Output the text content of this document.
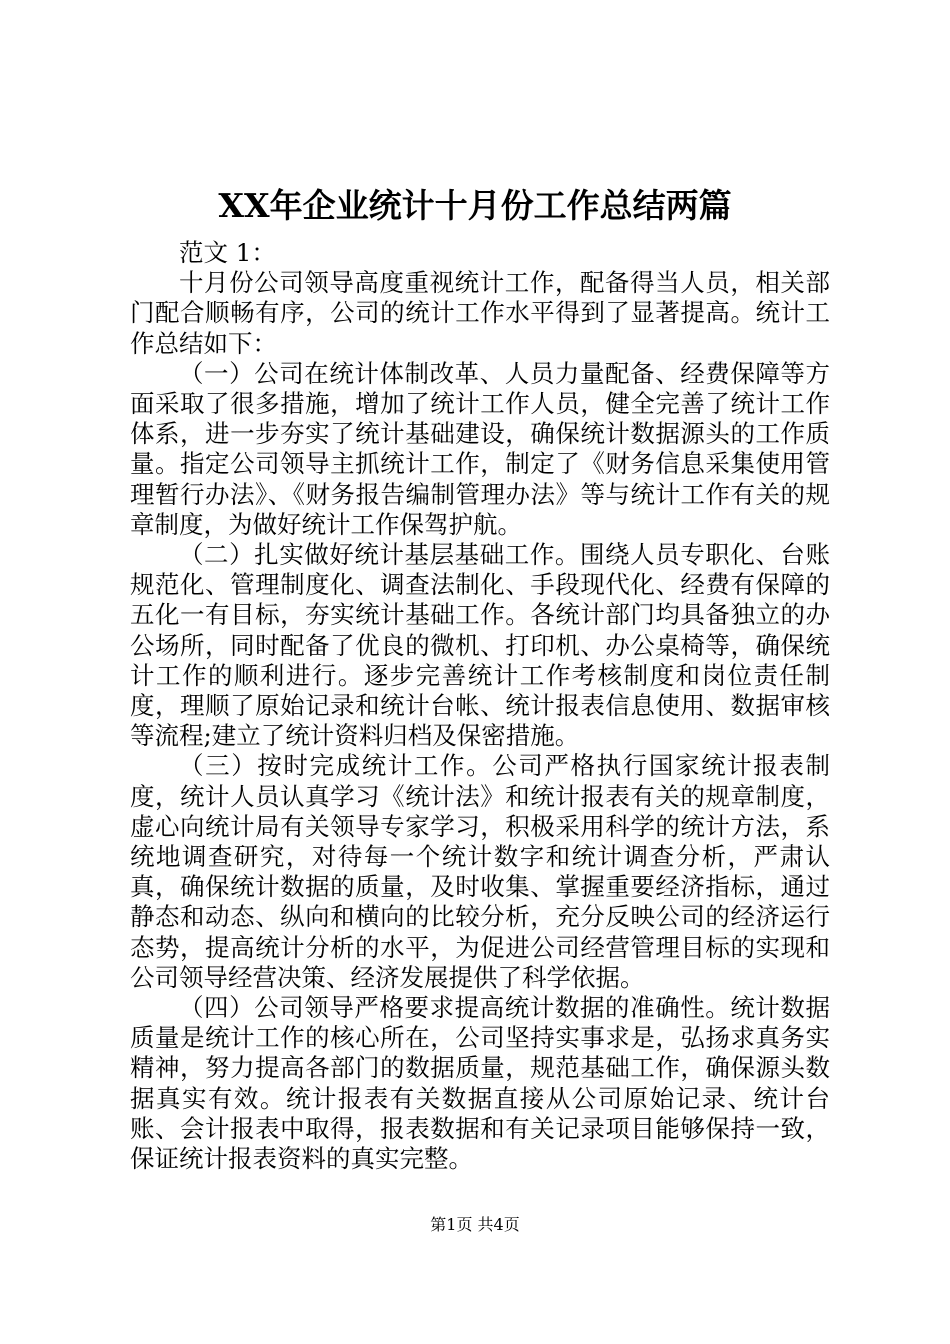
XX年企业统计十月份工作总结两篇

范文 1：

十月份公司领导高度重视统计工作，配备得当人员，相关部门配合顺畅有序，公司的统计工作水平得到了显著提高。统计工作总结如下：

（一）公司在统计体制改革、人员力量配备、经费保障等方面采取了很多措施，增加了统计工作人员，健全完善了统计工作体系，进一步夯实了统计基础建设，确保统计数据源头的工作质量。指定公司领导主抓统计工作，制定了《财务信息采集使用管理暂行办法》、《财务报告编制管理办法》等与统计工作有关的规章制度，为做好统计工作保驾护航。

（二）扎实做好统计基层基础工作。围绕人员专职化、台账规范化、管理制度化、调查法制化、手段现代化、经费有保障的五化一有目标，夯实统计基础工作。各统计部门均具备独立的办公场所，同时配备了优良的微机、打印机、办公桌椅等，确保统计工作的顺利进行。逐步完善统计工作考核制度和岗位责任制度，理顺了原始记录和统计台帐、统计报表信息使用、数据审核等流程;建立了统计资料归档及保密措施。

（三）按时完成统计工作。公司严格执行国家统计报表制度，统计人员认真学习《统计法》和统计报表有关的规章制度，虚心向统计局有关领导专家学习，积极采用科学的统计方法，系统地调查研究，对待每一个统计数字和统计调查分析，严肃认真，确保统计数据的质量，及时收集、掌握重要经济指标，通过静态和动态、纵向和横向的比较分析，充分反映公司的经济运行态势，提高统计分析的水平，为促进公司经营管理目标的实现和公司领导经营决策、经济发展提供了科学依据。

（四）公司领导严格要求提高统计数据的准确性。统计数据质量是统计工作的核心所在，公司坚持实事求是，弘扬求真务实精神，努力提高各部门的数据质量，规范基础工作，确保源头数据真实有效。统计报表有关数据直接从公司原始记录、统计台账、会计报表中取得，报表数据和有关记录项目能够保持一致，保证统计报表资料的真实完整。

第1页 共4页
